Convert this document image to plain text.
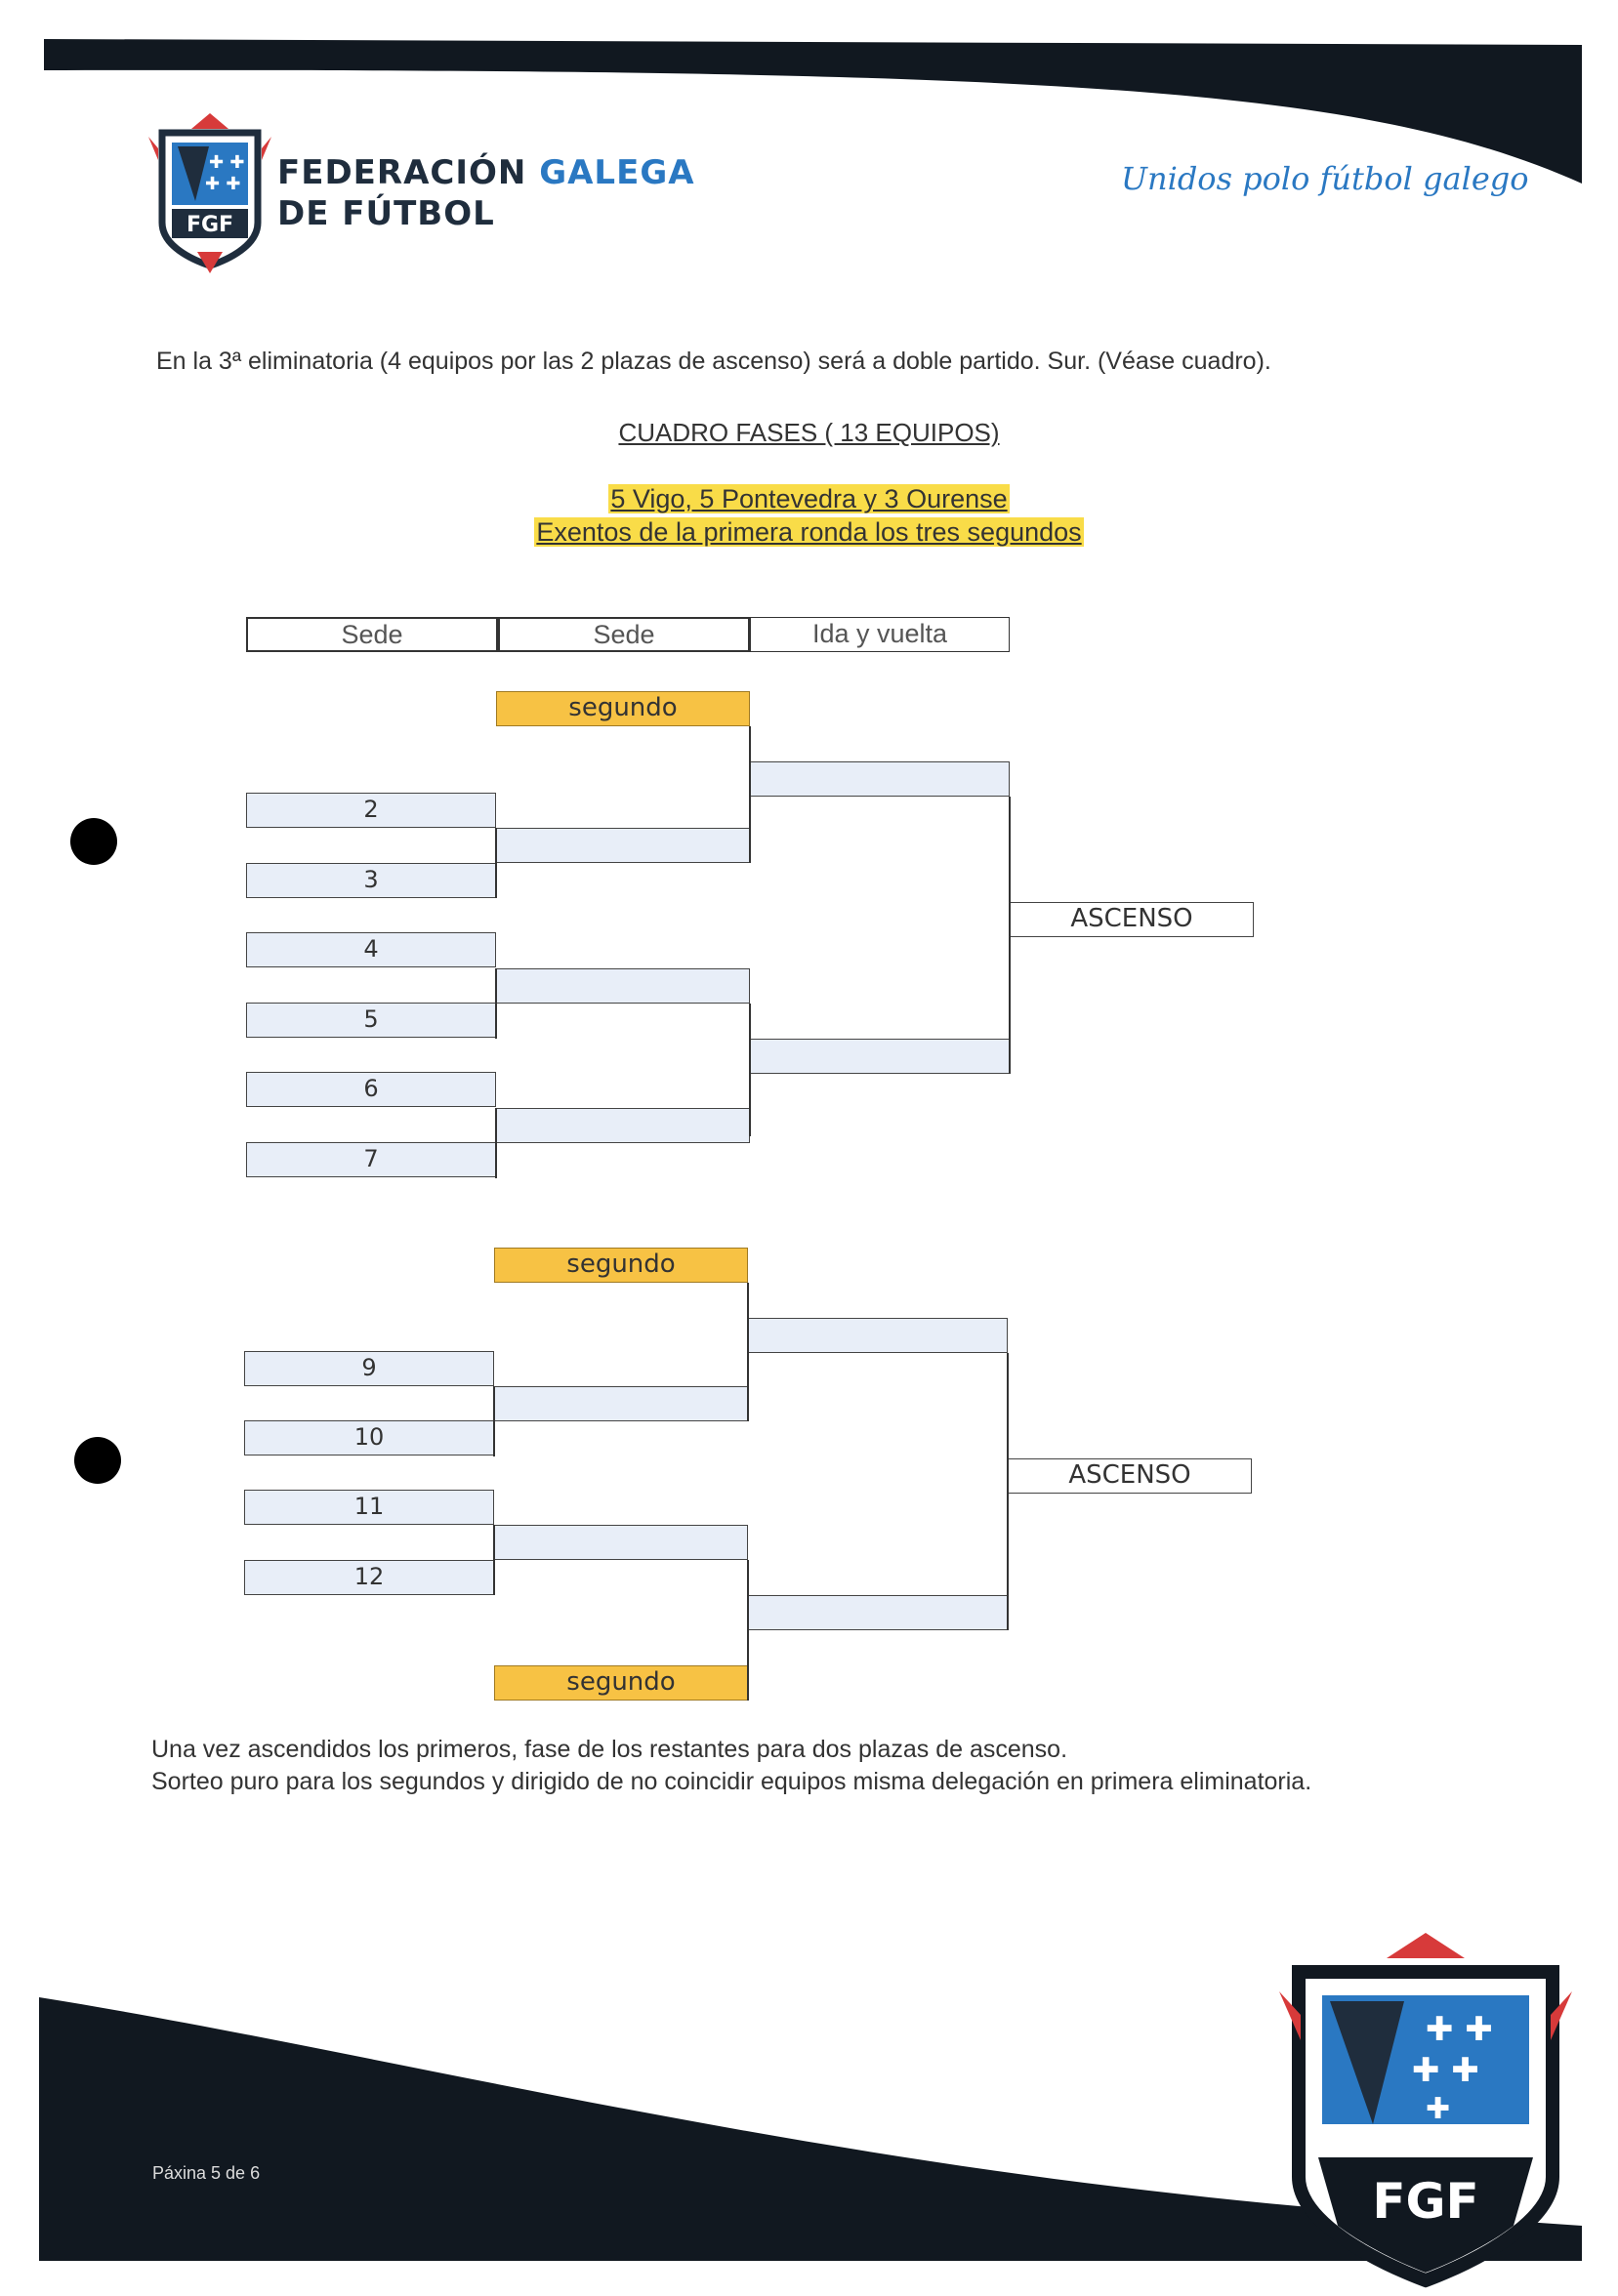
✚ ✚
✚ ✚
FGF
FEDERACIÓN GALEGA
DE FÚTBOL
Unidos polo fútbol galego
En la 3ª eliminatoria (4 equipos por las 2 plazas de ascenso) será a doble partido. Sur. (Véase cuadro).
CUADRO FASES ( 13 EQUIPOS)
5 Vigo, 5 Pontevedra y 3 Ourense
Exentos de la primera ronda los tres segundos
Sede	Sede	Ida y vuelta
segundo
2
3
4
5
6
7
ASCENSO
segundo
9
10
11
12
segundo
ASCENSO
Una vez ascendidos los primeros, fase de los restantes para dos plazas de ascenso.
Sorteo puro para los segundos y dirigido de no coincidir equipos misma delegación en primera eliminatoria.
✚ ✚
✚ ✚
✚
FGF
Páxina 5 de 6
